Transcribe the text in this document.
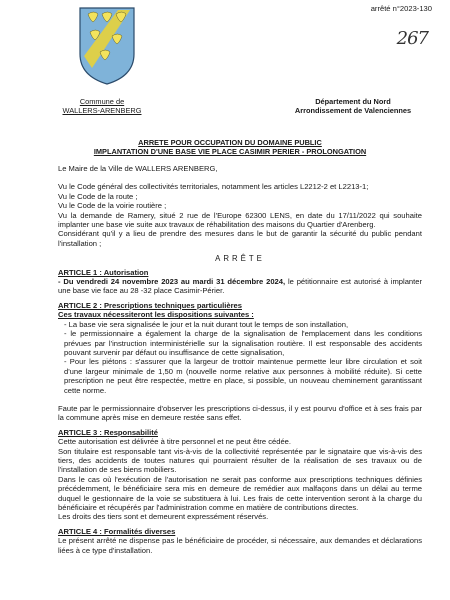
arrêté n°2023-130
267
Commune de
WALLERS-ARENBERG
Département du Nord
Arrondissement de Valenciennes
ARRETE POUR OCCUPATION DU DOMAINE PUBLIC
IMPLANTATION D'UNE BASE VIE PLACE CASIMIR PERIER - PROLONGATION

Le Maire de la Ville de WALLERS ARENBERG,

Vu le Code général des collectivités territoriales, notamment les articles L2212-2 et L2213-1;

Vu le Code de la route ;

Vu le Code de la voirie routière ;

Vu la demande de Ramery, situé 2 rue de l'Europe 62300 LENS, en date du 17/11/2022 qui souhaite implanter une base vie suite aux travaux de réhabilitation des maisons du Quartier d'Arenberg.

Considérant qu'il y a lieu de prendre des mesures dans le but de garantir la sécurité du public pendant l'installation ;

ARRÊTE

ARTICLE 1 : Autorisation

- Du vendredi 24 novembre 2023 au mardi 31 décembre 2024, le pétitionnaire est autorisé à implanter une base vie face au 28 -32 place Casimir-Périer.

ARTICLE 2 : Prescriptions techniques particulières

Ces travaux nécessiteront les dispositions suivantes :

- La base vie sera signalisée le jour et la nuit durant tout le temps de son installation,

- le permissionnaire a également la charge de la signalisation de l'emplacement dans les conditions prévues par l'instruction interministérielle sur la signalisation routière. Il est responsable des accidents pouvant survenir par défaut ou insuffisance de cette signalisation,

- Pour les piétons : s'assurer que la largeur de trottoir maintenue permette leur libre circulation et soit d'une largeur minimale de 1,50 m (nouvelle norme relative aux personnes à mobilité réduite). Si cette prescription ne peut être respectée, mettre en place, si possible, un nouveau cheminement garantissant cette norme.

Faute par le permissionnaire d'observer les prescriptions ci-dessus, il y est pourvu d'office et à ses frais par la commune après mise en demeure restée sans effet.

ARTICLE 3 : Responsabilité

Cette autorisation est délivrée à titre personnel et ne peut être cédée.

Son titulaire est responsable tant vis-à-vis de la collectivité représentée par le signataire que vis-à-vis des tiers, des accidents de toutes natures qui pourraient résulter de la réalisation de ses travaux ou de l'installation de ses biens mobiliers.

Dans le cas où l'exécution de l'autorisation ne serait pas conforme aux prescriptions techniques définies précédemment, le bénéficiaire sera mis en demeure de remédier aux malfaçons dans un délai au terme duquel le gestionnaire de la voie se substituera à lui. Les frais de cette intervention seront à la charge du bénéficiaire et récupérés par l'administration comme en matière de contributions directes.

Les droits des tiers sont et demeurent expressément réservés.

ARTICLE 4 : Formalités diverses

Le présent arrêté ne dispense pas le bénéficiaire de procéder, si nécessaire, aux demandes et déclarations liées à ce type d'installation.
